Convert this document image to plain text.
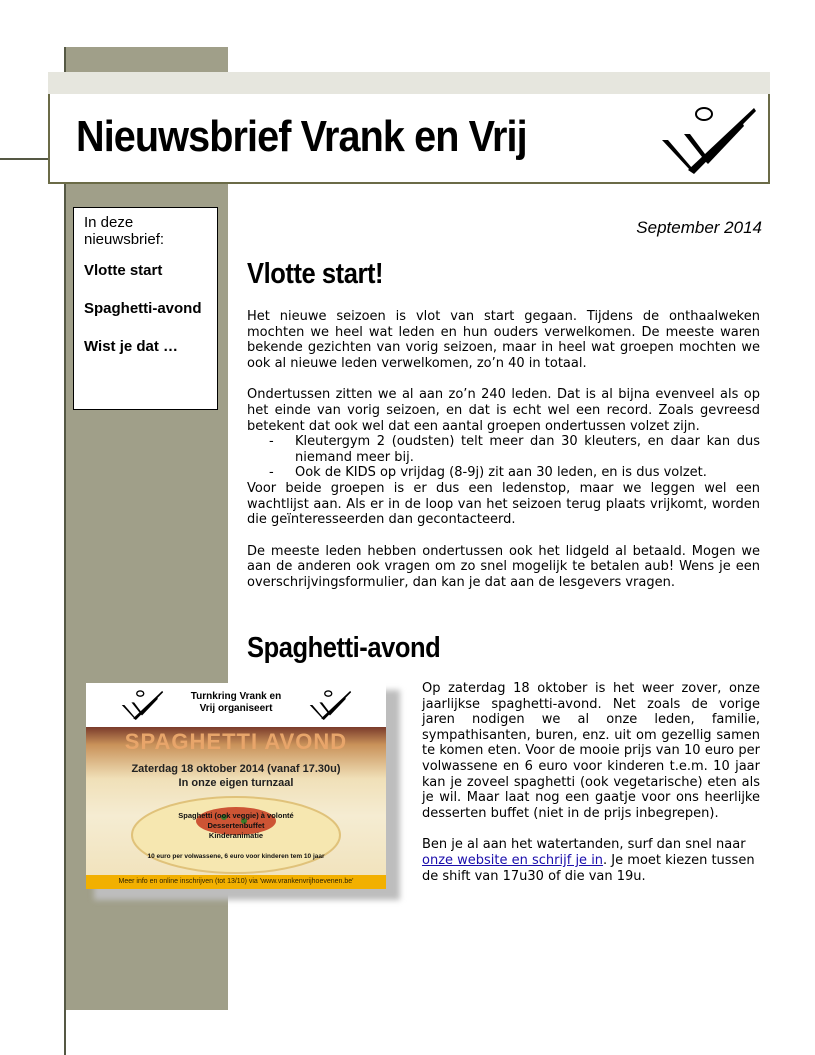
Nieuwsbrief Vrank en Vrij
In deze nieuwsbrief:
Vlotte start
Spaghetti-avond
Wist je dat …
September 2014
Vlotte start!

Het nieuwe seizoen is vlot van start gegaan. Tijdens de onthaalweken mochten we heel wat leden en hun ouders verwelkomen. De meeste waren bekende gezichten van vorig seizoen, maar in heel wat groepen mochten we ook al nieuwe leden verwelkomen, zo’n 40 in totaal.

Ondertussen zitten we al aan zo’n 240 leden. Dat is al bijna evenveel als op het einde van vorig seizoen, en dat is echt wel een record. Zoals gevreesd betekent dat ook wel dat een aantal groepen ondertussen volzet zijn.
- Kleutergym 2 (oudsten) telt meer dan 30 kleuters, en daar kan dus niemand meer bij.
- Ook de KIDS op vrijdag (8-9j) zit aan 30 leden, en is dus volzet.

Voor beide groepen is er dus een ledenstop, maar we leggen wel een wachtlijst aan. Als er in de loop van het seizoen terug plaats vrijkomt, worden die geïnteresseerden dan gecontacteerd.

De meeste leden hebben ondertussen ook het lidgeld al betaald. Mogen we aan de anderen ook vragen om zo snel mogelijk te betalen aub! Wens je een overschrijvingsformulier, dan kan je dat aan de lesgevers vragen.

Spaghetti-avond
Turnkring Vrank en Vrij organiseert
SPAGHETTI AVOND
Zaterdag 18 oktober 2014 (vanaf 17.30u)
In onze eigen turnzaal
Spaghetti (ook veggie) à volonté
Dessertenbuffet
Kinderanimatie
10 euro per volwassene, 6 euro voor kinderen tem 10 jaar
Meer info en online inschrijven (tot 13/10) via 'www.vrankenvrijhoevenen.be'

Op zaterdag 18 oktober is het weer zover, onze jaarlijkse spaghetti-avond. Net zoals de vorige jaren nodigen we al onze leden, familie, sympathisanten, buren, enz. uit om gezellig samen te komen eten. Voor de mooie prijs van 10 euro per volwassene en 6 euro voor kinderen t.e.m. 10 jaar kan je zoveel spaghetti (ook vegetarische) eten als je wil. Maar laat nog een gaatje voor ons heerlijke desserten buffet (niet in de prijs inbegrepen).

Ben je al aan het watertanden, surf dan snel naar onze website en schrijf je in. Je moet kiezen tussen de shift van 17u30 of die van 19u.
